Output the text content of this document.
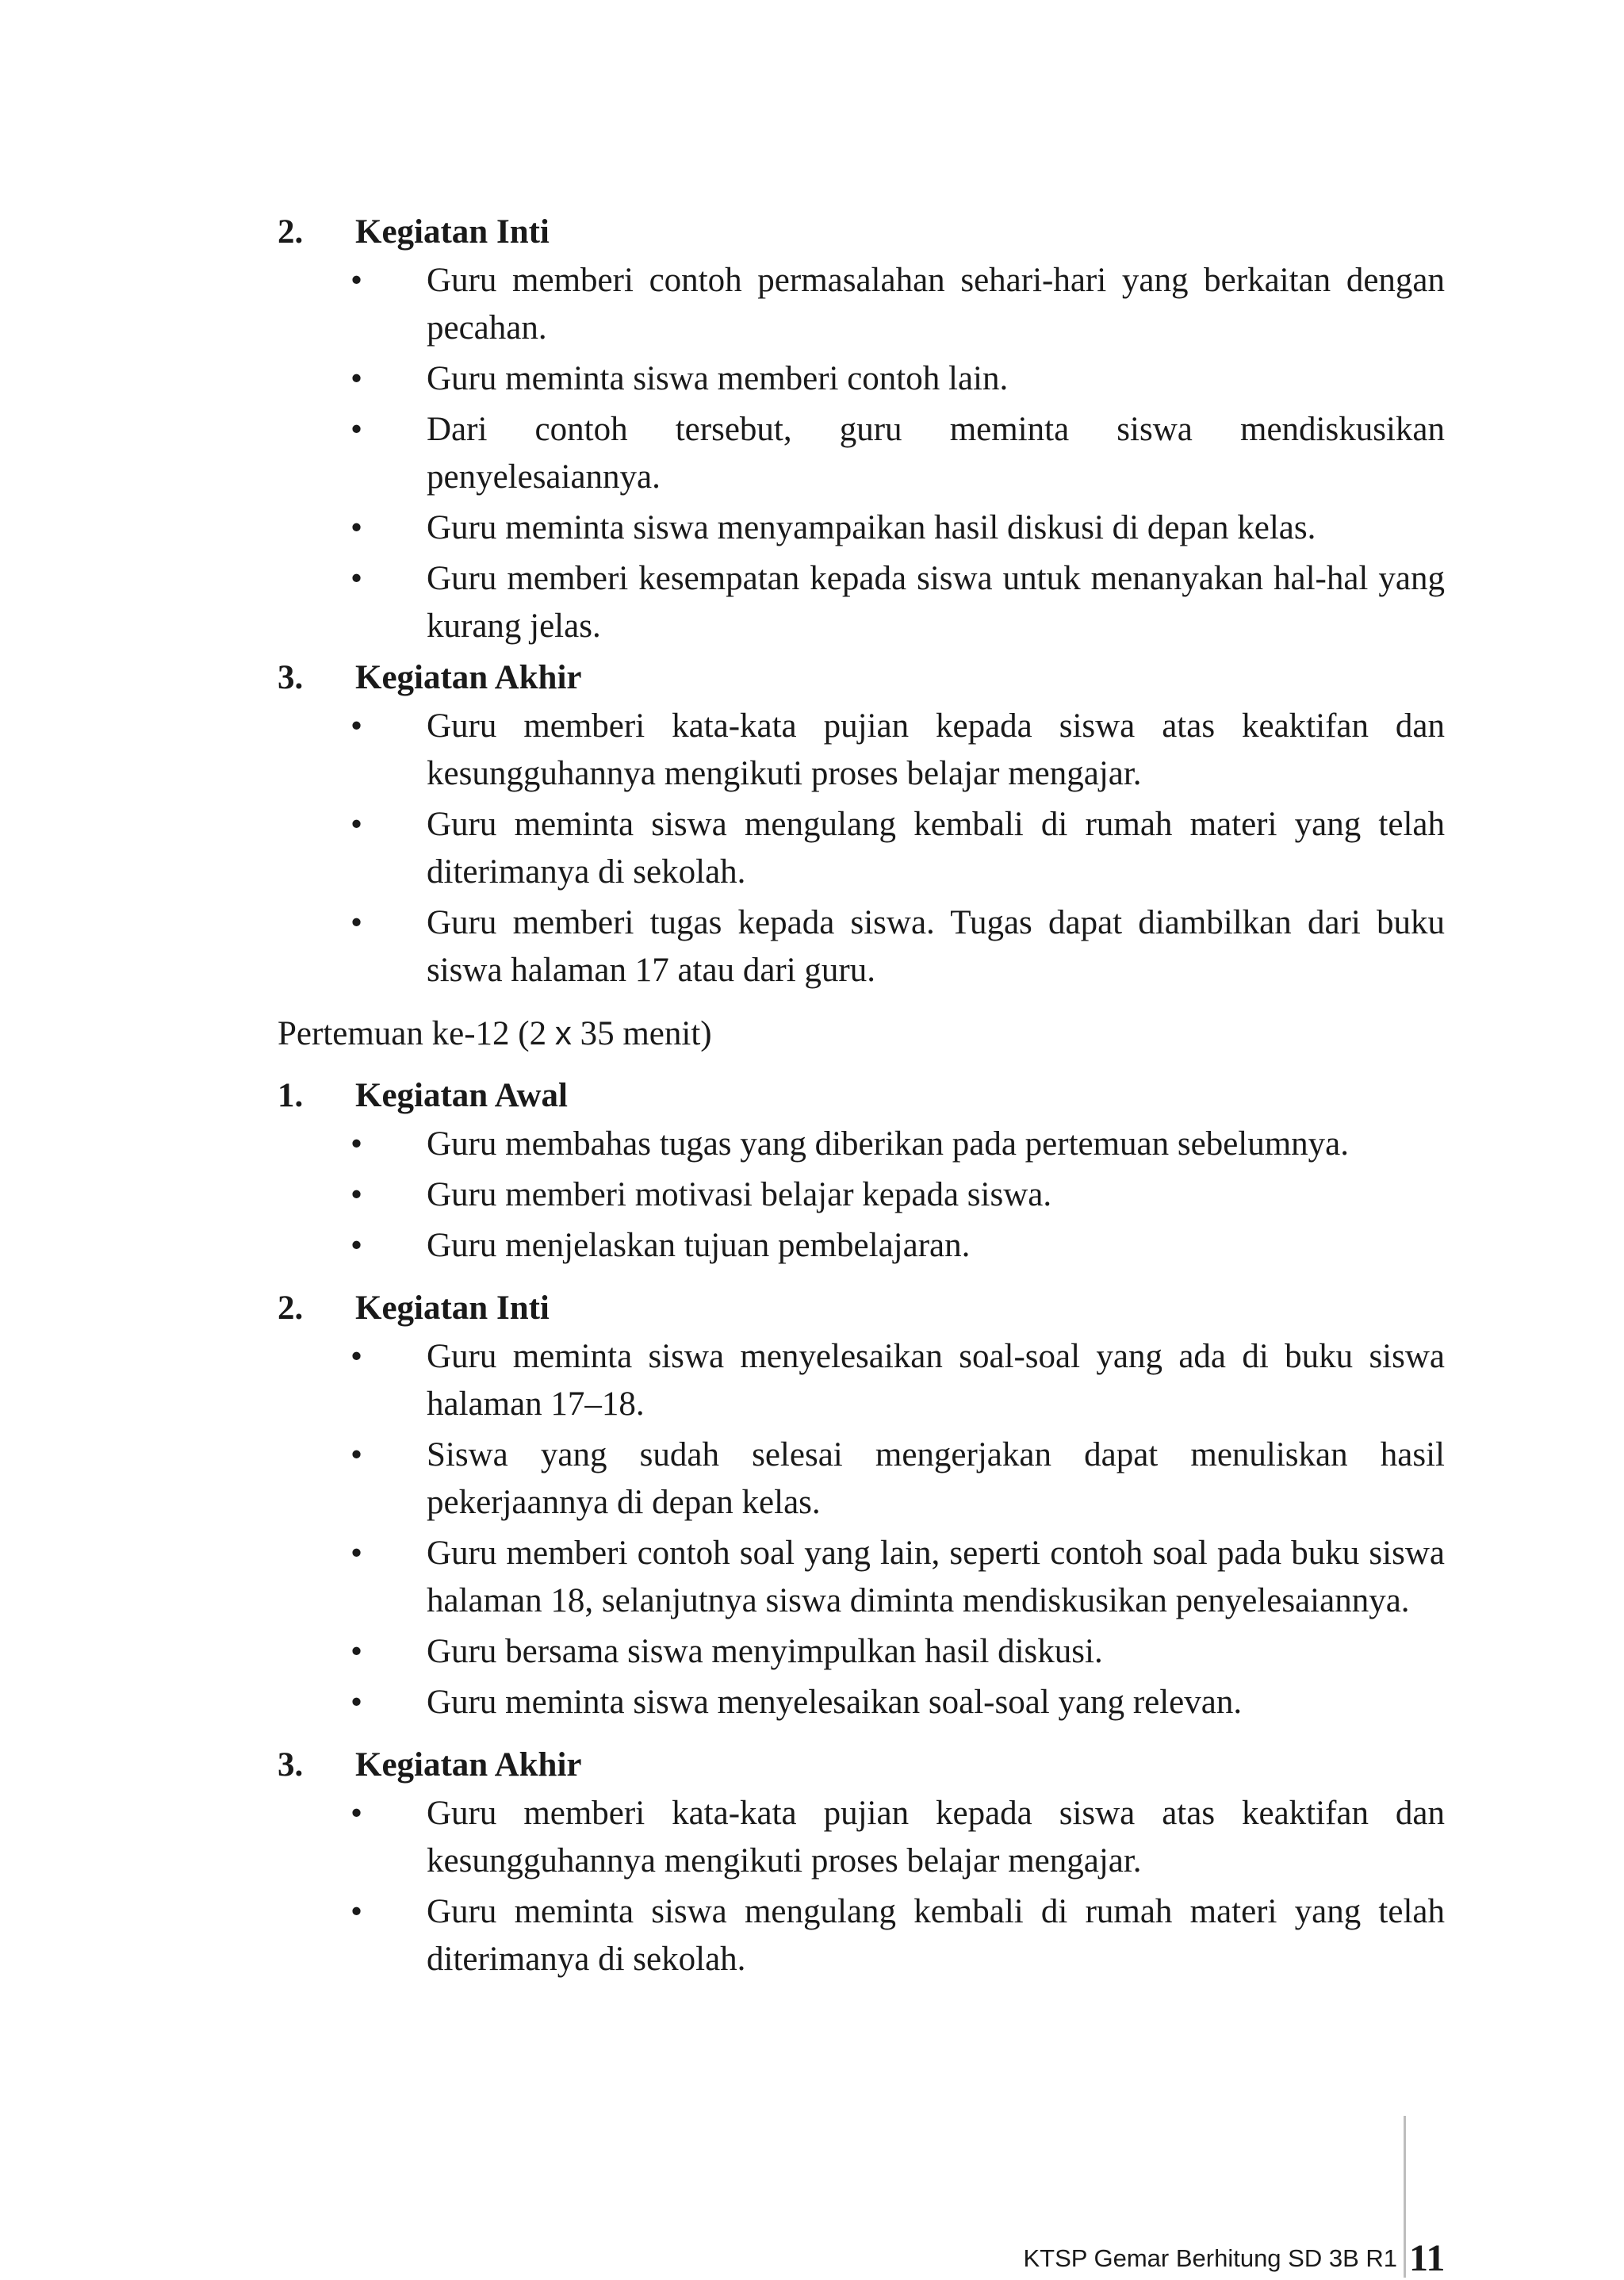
2.	Kegiatan Inti
• Guru memberi contoh permasalahan sehari-hari yang berkaitan dengan pecahan.
• Guru meminta siswa memberi contoh lain.
• Dari contoh tersebut, guru meminta siswa mendiskusikan penyelesaiannya.
• Guru meminta siswa menyampaikan hasil diskusi di depan kelas.
• Guru memberi kesempatan kepada siswa untuk menanyakan hal-hal yang kurang jelas.
3.	Kegiatan Akhir
• Guru memberi kata-kata pujian kepada siswa atas keaktifan dan kesungguhannya mengikuti proses belajar mengajar.
• Guru meminta siswa mengulang kembali di rumah materi yang telah diterimanya di sekolah.
• Guru memberi tugas kepada siswa. Tugas dapat diambilkan dari buku siswa halaman 17 atau dari guru.
Pertemuan ke-12 (2 x 35 menit)
1.	Kegiatan Awal
• Guru membahas tugas yang diberikan pada pertemuan sebelumnya.
• Guru memberi motivasi belajar kepada siswa.
• Guru menjelaskan tujuan pembelajaran.
2.	Kegiatan Inti
• Guru meminta siswa menyelesaikan soal-soal yang ada di buku siswa halaman 17–18.
• Siswa yang sudah selesai mengerjakan dapat menuliskan hasil pekerjaannya di depan kelas.
• Guru memberi contoh soal yang lain, seperti contoh soal pada buku siswa halaman 18, selanjutnya siswa diminta mendiskusikan penyelesaiannya.
• Guru bersama siswa menyimpulkan hasil diskusi.
• Guru meminta siswa menyelesaikan soal-soal yang relevan.
3.	Kegiatan Akhir
• Guru memberi kata-kata pujian kepada siswa atas keaktifan dan kesungguhannya mengikuti proses belajar mengajar.
• Guru meminta siswa mengulang kembali di rumah materi yang telah diterimanya di sekolah.
KTSP Gemar Berhitung SD 3B R1 11
